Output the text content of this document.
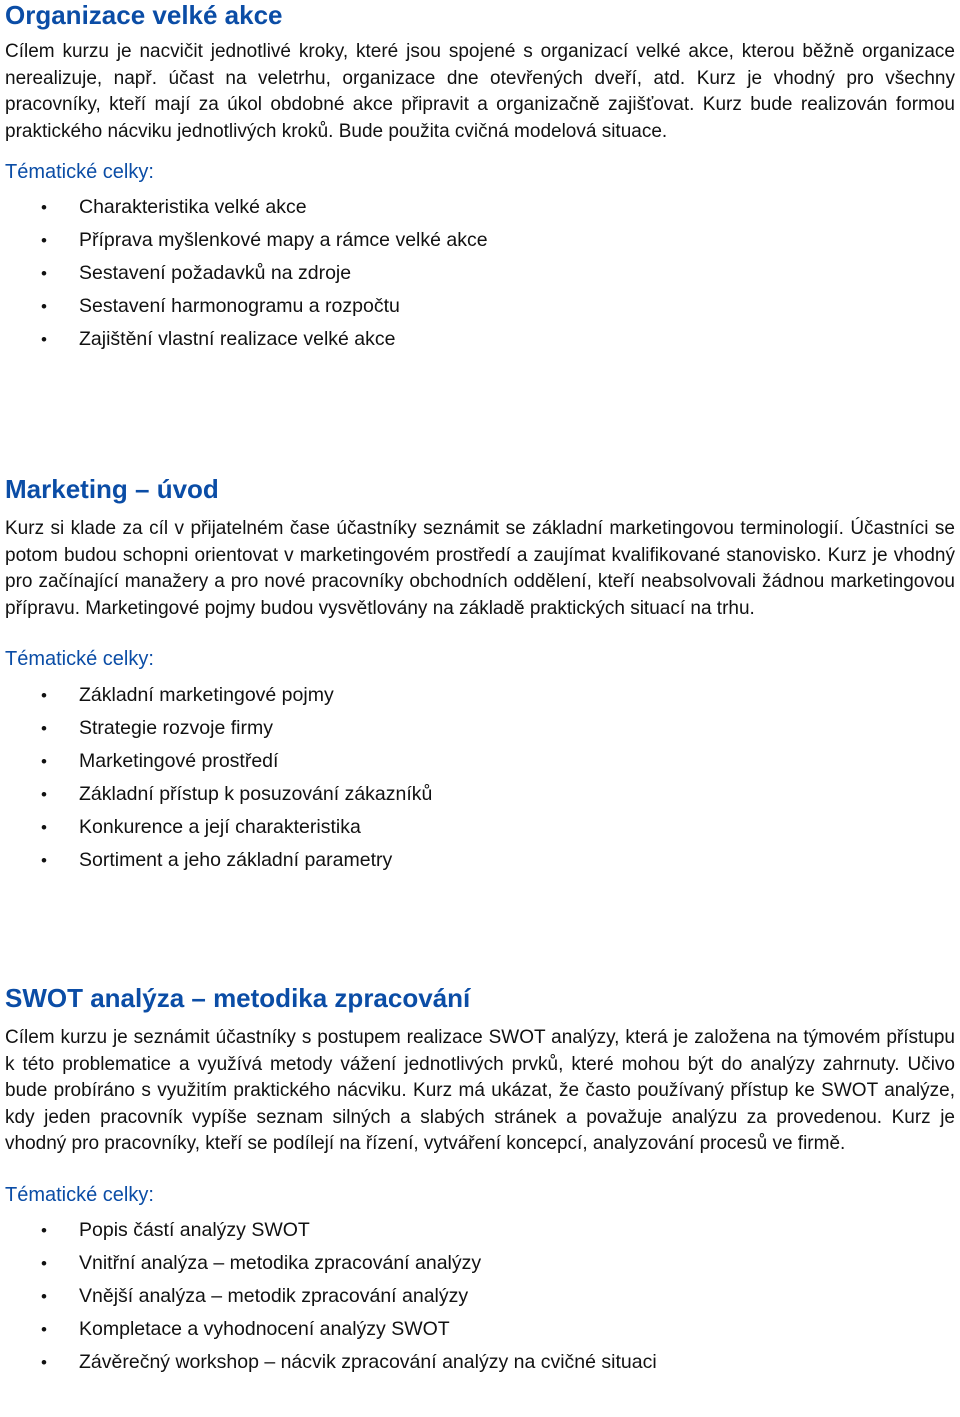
Organizace velké akce

Cílem kurzu je nacvičit jednotlivé kroky, které jsou spojené s organizací velké akce, kterou běžně organizace nerealizuje, např. účast na veletrhu, organizace dne otevřených dveří, atd. Kurz je vhodný pro všechny pracovníky, kteří mají za úkol obdobné akce připravit a organizačně zajišťovat. Kurz bude realizován formou praktického nácviku jednotlivých kroků. Bude použita cvičná modelová situace.

Tématické celky:
• Charakteristika velké akce
• Příprava myšlenkové mapy a rámce velké akce
• Sestavení požadavků na zdroje
• Sestavení harmonogramu a rozpočtu
• Zajištění vlastní realizace velké akce
Marketing – úvod

Kurz si klade za cíl v přijatelném čase účastníky seznámit se základní marketingovou terminologií. Účastníci se potom budou schopni orientovat v marketingovém prostředí a zaujímat kvalifikované stanovisko. Kurz je vhodný pro začínající manažery a pro nové pracovníky obchodních oddělení, kteří neabsolvovali žádnou marketingovou přípravu. Marketingové pojmy budou vysvětlovány na základě praktických situací na trhu.

Tématické celky:
• Základní marketingové pojmy
• Strategie rozvoje firmy
• Marketingové prostředí
• Základní přístup k posuzování zákazníků
• Konkurence a její charakteristika
• Sortiment a jeho základní parametry
SWOT analýza – metodika zpracování

Cílem kurzu je seznámit účastníky s postupem realizace SWOT analýzy, která je založena na týmovém přístupu k této problematice a využívá metody vážení jednotlivých prvků, které mohou být do analýzy zahrnuty. Učivo bude probíráno s využitím praktického nácviku. Kurz má ukázat, že často používaný přístup ke SWOT analýze, kdy jeden pracovník vypíše seznam silných a slabých stránek a považuje analýzu za provedenou. Kurz je vhodný pro pracovníky, kteří se podílejí na řízení, vytváření koncepcí, analyzování procesů ve firmě.

Tématické celky:
• Popis částí analýzy SWOT
• Vnitřní analýza – metodika zpracování analýzy
• Vnější analýza – metodik zpracování analýzy
• Kompletace a vyhodnocení analýzy SWOT
• Závěrečný workshop – nácvik zpracování analýzy na cvičné situaci
